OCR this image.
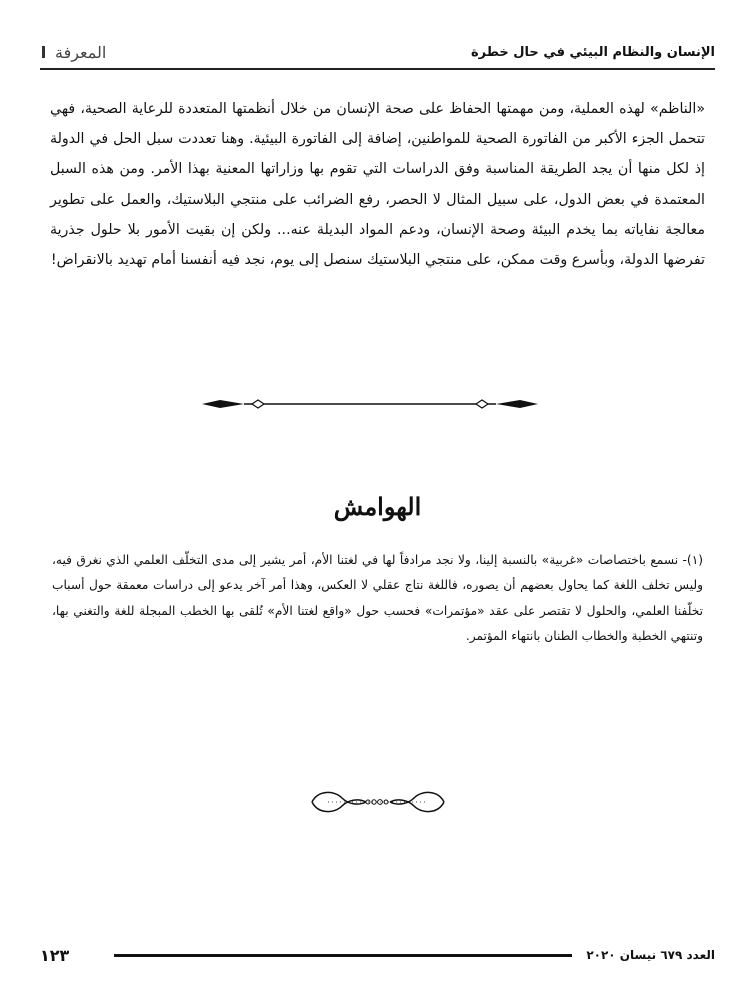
الإنسان والنظام البيئي في حال خطرة
المعرفة

«الناظم» لهذه العملية، ومن مهمتها الحفاظ على صحة الإنسان من خلال أنظمتها المتعددة للرعاية الصحية، فهي تتحمل الجزء الأكبر من الفاتورة الصحية للمواطنين، إضافة إلى الفاتورة البيئية. وهنا تعددت سبل الحل في الدولة إذ لكل منها أن يجد الطريقة المناسبة وفق الدراسات التي تقوم بها وزاراتها المعنية بهذا الأمر. ومن هذه السبل المعتمدة في بعض الدول، على سبيل المثال لا الحصر، رفع الضرائب على منتجي البلاستيك، والعمل على تطوير معالجة نفاياته بما يخدم البيئة وصحة الإنسان، ودعم المواد البديلة عنه... ولكن إن بقيت الأمور بلا حلول جذرية تفرضها الدولة، وبأسرع وقت ممكن، على منتجي البلاستيك سنصل إلى يوم، نجد فيه أنفسنا أمام تهديد بالانقراض!

الهوامش

(١)- نسمع باختصاصات «غربية» بالنسبة إلينا، ولا نجد مرادفاً لها في لغتنا الأم، أمر يشير إلى مدى التخلّف العلمي الذي نغرق فيه، وليس تخلف اللغة كما يحاول بعضهم أن يصوره، فاللغة نتاج عقلي لا العكس، وهذا أمر آخر يدعو إلى دراسات معمقة حول أسباب تخلّفنا العلمي، والحلول لا تقتصر على عقد «مؤتمرات» فحسب حول «واقع لغتنا الأم» تُلقى بها الخطب المبجلة للغة والتغني بها، وتنتهي الخطبة والخطاب الطنان بانتهاء المؤتمر.

١٢٣	العدد ٦٧٩ نيسان ٢٠٢٠
